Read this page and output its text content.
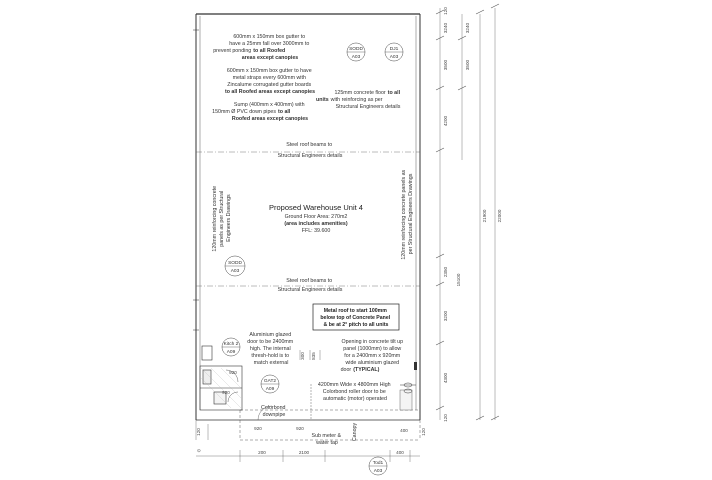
600mm x 150mm box gutter to have a 25mm fall over 3000mm to prevent ponding to all Roofed areas except canopies
600mm x 150mm box gutter to have metal straps every 600mm with Zincalume corrugated gutter boards to all Roofed areas except canopies
Sump (400mm x 400mm) with 150mm Ø PVC down pipes to all Roofed areas except canopies
125mm concrete floor to all units with reinforcing as per Structural Engineers details
SODD
A03
DJ1
A03
Steel roof beams to Structural Engineers details
Proposed Warehouse Unit 4
Ground Floor Area: 270m2
(area includes amenities)
FFL: 39.600
120mm reinforcing concrete panels as per Structural Engineers Drawings	120mm reinforcing concrete panels as per Structural Engineers Drawings
SODD
A03
Steel roof beams to Structural Engineers details
Metal roof to start 100mm below top of Concrete Panel & be at 2° pitch to all units
920
920
Kitch 2
A09
Aluminium glazed door to be 2400mm high. The internal thresh-hold is to match external
300 835
Opening in concrete tilt up panel (1000mm) to allow for a 2400mm x 920mm wide aluminium glazed door (TYPICAL)
GAT2
A09
4200mm Wide x 4800mm High Colorbond roller door to be automatic (motor) operated
Colorbond downpipe
920	920
Sub meter & water tap
Canopy
200	2100	400
400
120	120
Tod1
A03
⊙
120
3240
3500
4200
2350
3200
4300
120
3240
3500
15100
21900 22000
